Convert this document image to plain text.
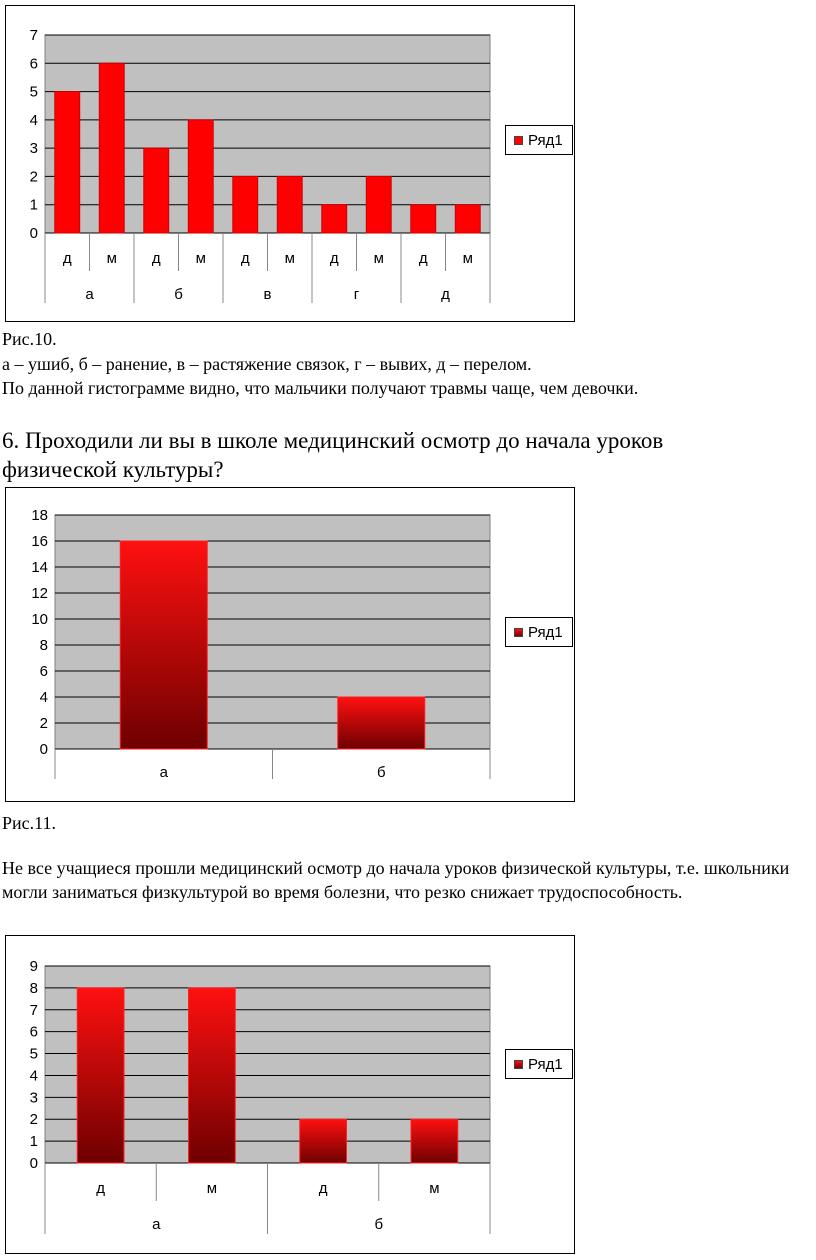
0
1
2
3
4
5
6
7
д м д м д м д м д м
а	б	в	г	д
Ряд1
Рис.10.
а – ушиб, б – ранение, в – растяжение связок, г – вывих, д – перелом.
По данной гистограмме видно, что мальчики получают травмы чаще, чем девочки.
6. Проходили ли вы в школе медицинский осмотр до начала уроков физической культуры?
0
2
4
6
8
10
12
14
16
18
а	б
Ряд1
Рис.11.
Не все учащиеся прошли медицинский осмотр до начала уроков физической культуры, т.е. школьники могли заниматься физкультурой во время болезни, что резко снижает трудоспособность.
0
1
2
3
4
5
6
7
8
9
д	м	д	м
а	б
Ряд1
